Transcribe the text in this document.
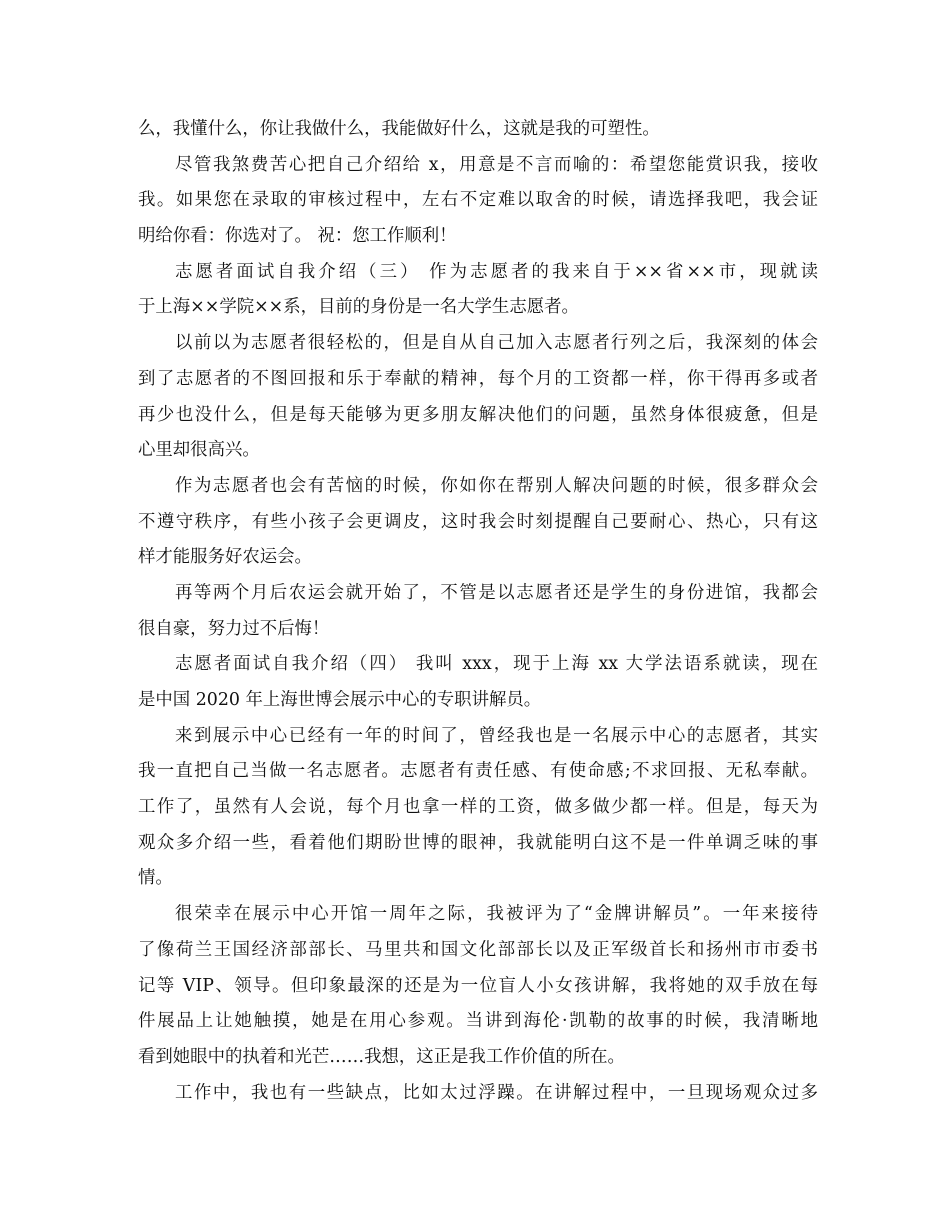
么，我懂什么，你让我做什么，我能做好什么，这就是我的可塑性。
尽管我煞费苦心把自己介绍给 x，用意是不言而喻的：希望您能赏识我，接收
我。如果您在录取的审核过程中，左右不定难以取舍的时候，请选择我吧，我会证
明给你看：你选对了。 祝：您工作顺利！
志愿者面试自我介绍（三） 作为志愿者的我来自于××省××市，现就读
于上海××学院××系，目前的身份是一名大学生志愿者。
以前以为志愿者很轻松的，但是自从自己加入志愿者行列之后，我深刻的体会
到了志愿者的不图回报和乐于奉献的精神，每个月的工资都一样，你干得再多或者
再少也没什么，但是每天能够为更多朋友解决他们的问题，虽然身体很疲惫，但是
心里却很高兴。
作为志愿者也会有苦恼的时候，你如你在帮别人解决问题的时候，很多群众会
不遵守秩序，有些小孩子会更调皮，这时我会时刻提醒自己要耐心、热心，只有这
样才能服务好农运会。
再等两个月后农运会就开始了，不管是以志愿者还是学生的身份进馆，我都会
很自豪，努力过不后悔！
志愿者面试自我介绍（四） 我叫 xxx，现于上海 xx 大学法语系就读，现在
是中国 2020 年上海世博会展示中心的专职讲解员。
来到展示中心已经有一年的时间了，曾经我也是一名展示中心的志愿者，其实
我一直把自己当做一名志愿者。志愿者有责任感、有使命感;不求回报、无私奉献。
工作了，虽然有人会说，每个月也拿一样的工资，做多做少都一样。但是，每天为
观众多介绍一些，看着他们期盼世博的眼神，我就能明白这不是一件单调乏味的事
情。
很荣幸在展示中心开馆一周年之际，我被评为了“金牌讲解员”。一年来接待
了像荷兰王国经济部部长、马里共和国文化部部长以及正军级首长和扬州市市委书
记等 VIP、领导。但印象最深的还是为一位盲人小女孩讲解，我将她的双手放在每
件展品上让她触摸，她是在用心参观。当讲到海伦·凯勒的故事的时候，我清晰地
看到她眼中的执着和光芒……我想，这正是我工作价值的所在。
工作中，我也有一些缺点，比如太过浮躁。在讲解过程中，一旦现场观众过多
